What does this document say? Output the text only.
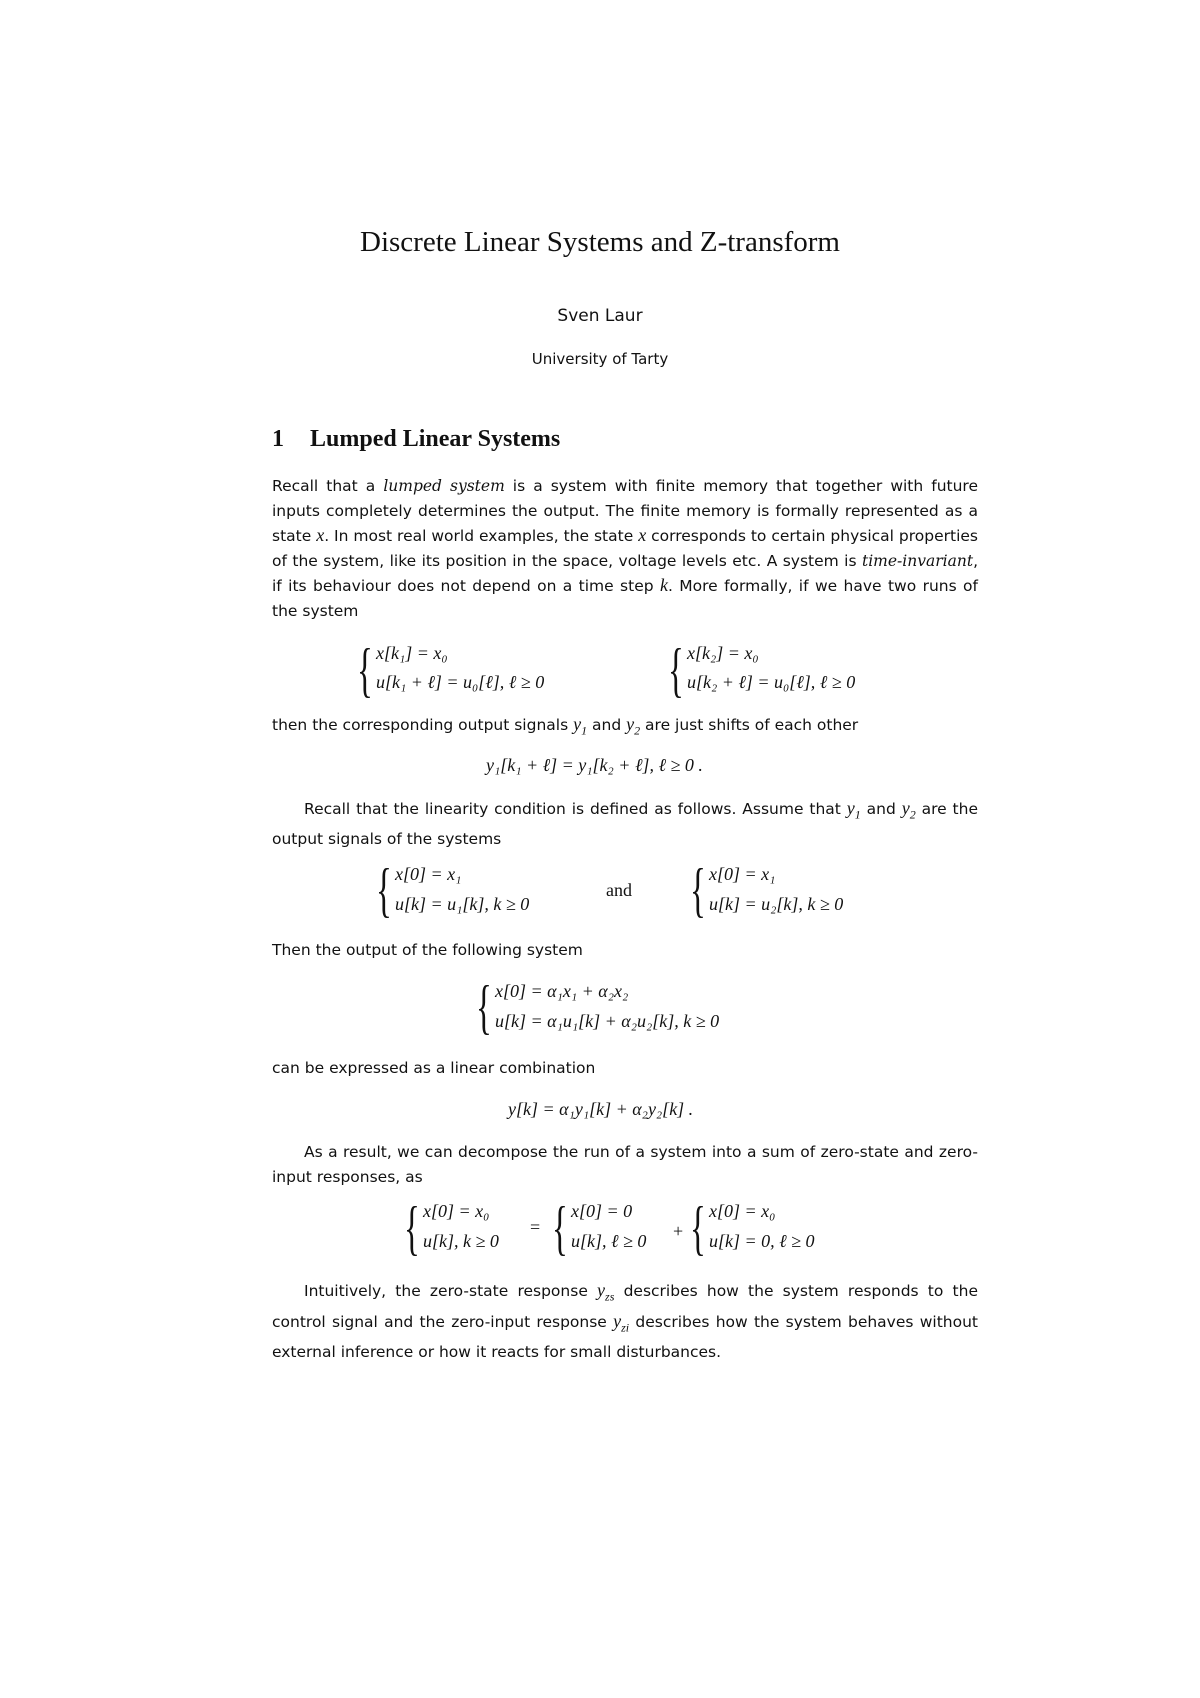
Discrete Linear Systems and Z-transform
Sven Laur
University of Tarty
1 Lumped Linear Systems
Recall that a lumped system is a system with finite memory that together with future inputs completely determines the output. The finite memory is formally represented as a state x. In most real world examples, the state x corresponds to certain physical properties of the system, like its position in the space, voltage levels etc. A system is time-invariant, if its behaviour does not depend on a time step k. More formally, if we have two runs of the system
{ x[k₁] = x₀
u[k₁ + ℓ] = u₀[ℓ], ℓ ≥ 0 { x[k₂] = x₀
u[k₂ + ℓ] = u₀[ℓ], ℓ ≥ 0
then the corresponding output signals $y_1$ and $y_2$ are just shifts of each other
y₁[k₁ + ℓ] = y₁[k₂ + ℓ], ℓ ≥ 0 .
Recall that the linearity condition is defined as follows. Assume that $y_1$ and $y_2$ are the output signals of the systems
{ x[0] = x₁
u[k] = u₁[k], k ≥ 0
and { x[0] = x₁
u[k] = u₂[k], k ≥ 0
Then the output of the following system
{ x[0] = α₁x₁ + α₂x₂
u[k] = α₁u₁[k] + α₂u₂[k], k ≥ 0
can be expressed as a linear combination
y[k] = α₁y₁[k] + α₂y₂[k] .
As a result, we can decompose the run of a system into a sum of zero-state and zero-input responses, as
{ x[0] = x₀
u[k], k ≥ 0
= { x[0] = 0
u[k], ℓ ≥ 0 + { x[0] = x₀
u[k] = 0, ℓ ≥ 0
Intuitively, the zero-state response $y_{zs}$ describes how the system responds to the control signal and the zero-input response $y_{zi}$ describes how the system behaves without external inference or how it reacts for small disturbances.
